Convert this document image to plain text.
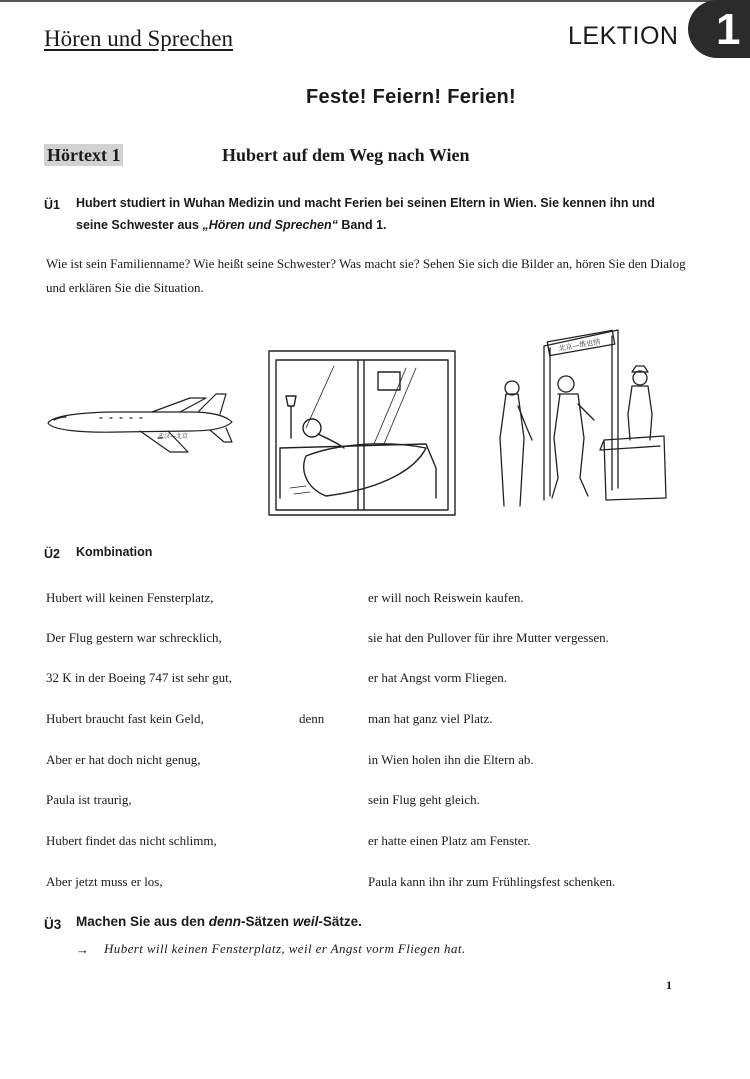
Hören und Sprechen	LEKTION 1
Feste! Feiern! Ferien!
Hörtext 1	Hubert auf dem Weg nach Wien
Ü1 Hubert studiert in Wuhan Medizin und macht Ferien bei seinen Eltern in Wien. Sie kennen ihn und seine Schwester aus „Hören und Sprechen“ Band 1.
Wie ist sein Familienname? Wie heißt seine Schwester? Was macht sie? Sehen Sie sich die Bilder an, hören Sie den Dialog und erklären Sie die Situation.
武汉—北京
北京—维也纳
Ü2 Kombination
Hubert will keinen Fensterplatz,
Der Flug gestern war schrecklich,
32 K in der Boeing 747 ist sehr gut,
Hubert braucht fast kein Geld,
Aber er hat doch nicht genug,
Paula ist traurig,
Hubert findet das nicht schlimm,
Aber jetzt muss er los,
denn
er will noch Reiswein kaufen.
sie hat den Pullover für ihre Mutter vergessen.
er hat Angst vorm Fliegen.
man hat ganz viel Platz.
in Wien holen ihn die Eltern ab.
sein Flug geht gleich.
er hatte einen Platz am Fenster.
Paula kann ihn ihr zum Frühlingsfest schenken.
Ü3 Machen Sie aus den denn-Sätzen weil-Sätze.
→ Hubert will keinen Fensterplatz, weil er Angst vorm Fliegen hat.
1
